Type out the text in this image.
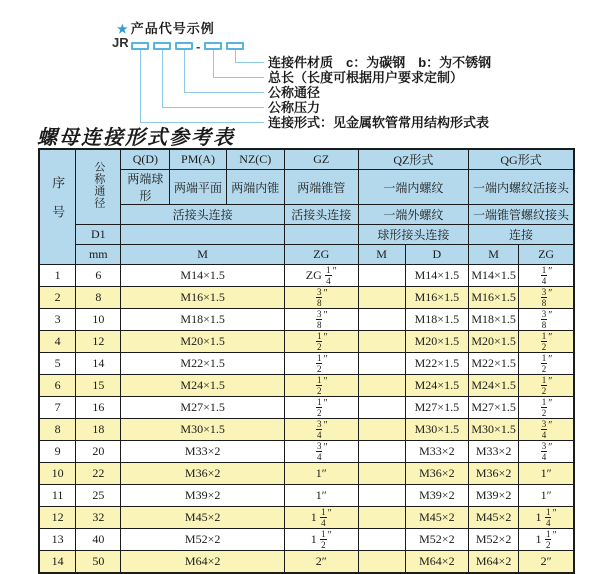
★ 产品代号示例
JR	-
连接件材质　c：为碳钢　b：为不锈钢
总长（长度可根据用户要求定制）
公称通径
公称压力
连接形式：见金属软管常用结构形式表
螺母连接形式参考表
序号	公称通径	Q(D)	PM(A)	NZ(C)	GZ	QZ形式		QG形式	
		两端球形	两端平面	两端内锥	两端锥管	一端内螺纹		一端内螺纹活接头	
		活接头连接			活接头连接	一端外螺纹		一端锥管螺纹接头	
	D1					球形接头连接		连接	
	mm	M			ZG	M	D	M	ZG
1	6	M14×1.5			ZG  $\frac{1}{4} ''$		M14×1.5	M14×1.5	$\frac{1}{4} ''$
2	8	M16×1.5			$\frac{3}{8} ''$		M16×1.5	M16×1.5	$\frac{3}{8} ''$
3	10	M18×1.5			$\frac{3}{8} ''$		M18×1.5	M18×1.5	$\frac{3}{8} ''$
4	12	M20×1.5			$\frac{1}{2} ''$		M20×1.5	M20×1.5	$\frac{1}{2} ''$
5	14	M22×1.5			$\frac{1}{2} ''$		M22×1.5	M22×1.5	$\frac{1}{2} ''$
6	15	M24×1.5			$\frac{1}{2} ''$		M24×1.5	M24×1.5	$\frac{1}{2} ''$
7	16	M27×1.5			$\frac{1}{2} ''$		M27×1.5	M27×1.5	$\frac{1}{2} ''$
8	18	M30×1.5			$\frac{3}{4} ''$		M30×1.5	M30×1.5	$\frac{3}{4} ''$
9	20	M33×2			$\frac{3}{4} ''$		M33×2	M33×2	$\frac{3}{4} ''$
10	22	M36×2			1″		M36×2	M36×2	1″
11	25	M39×2			1″		M39×2	M39×2	1″
12	32	M45×2			$1 \frac{1}{4} ''$		M45×2	M45×2	$1 \frac{1}{4} ''$
13	40	M52×2			$1 \frac{1}{2} ''$		M52×2	M52×2	$1 \frac{1}{2} ''$
14	50	M64×2			2″		M64×2	M64×2	2″
